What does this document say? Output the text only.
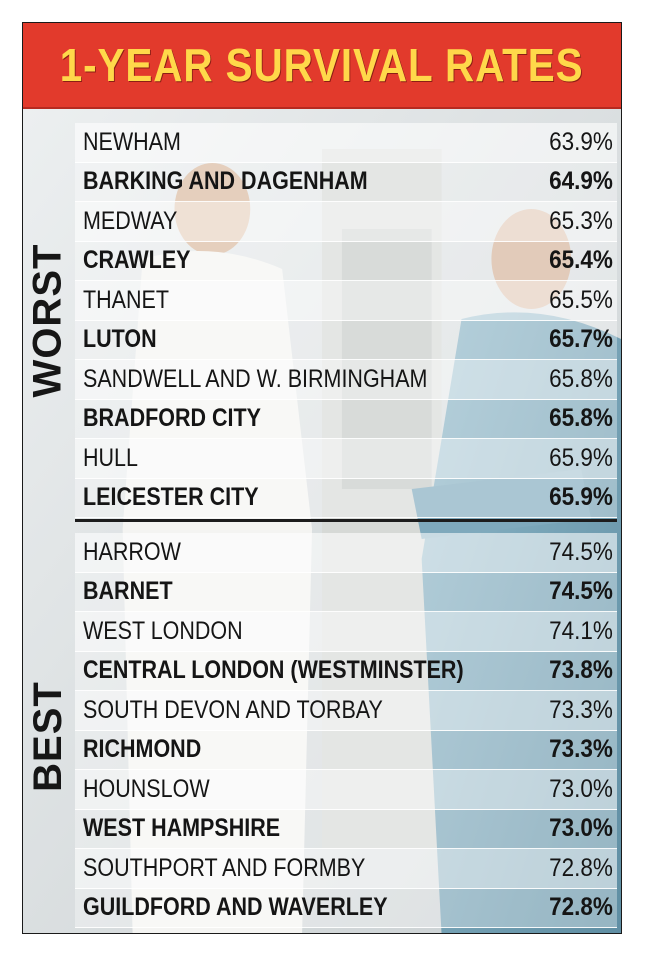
1-YEAR SURVIVAL RATES
WORST
BEST
NEWHAM	63.9%
BARKING AND DAGENHAM	64.9%
MEDWAY	65.3%
CRAWLEY	65.4%
THANET	65.5%
LUTON	65.7%
SANDWELL AND W. BIRMINGHAM	65.8%
BRADFORD CITY	65.8%
HULL	65.9%
LEICESTER CITY	65.9%
HARROW	74.5%
BARNET	74.5%
WEST LONDON	74.1%
CENTRAL LONDON (WESTMINSTER)	73.8%
SOUTH DEVON AND TORBAY	73.3%
RICHMOND	73.3%
HOUNSLOW	73.0%
WEST HAMPSHIRE	73.0%
SOUTHPORT AND FORMBY	72.8%
GUILDFORD AND WAVERLEY	72.8%
